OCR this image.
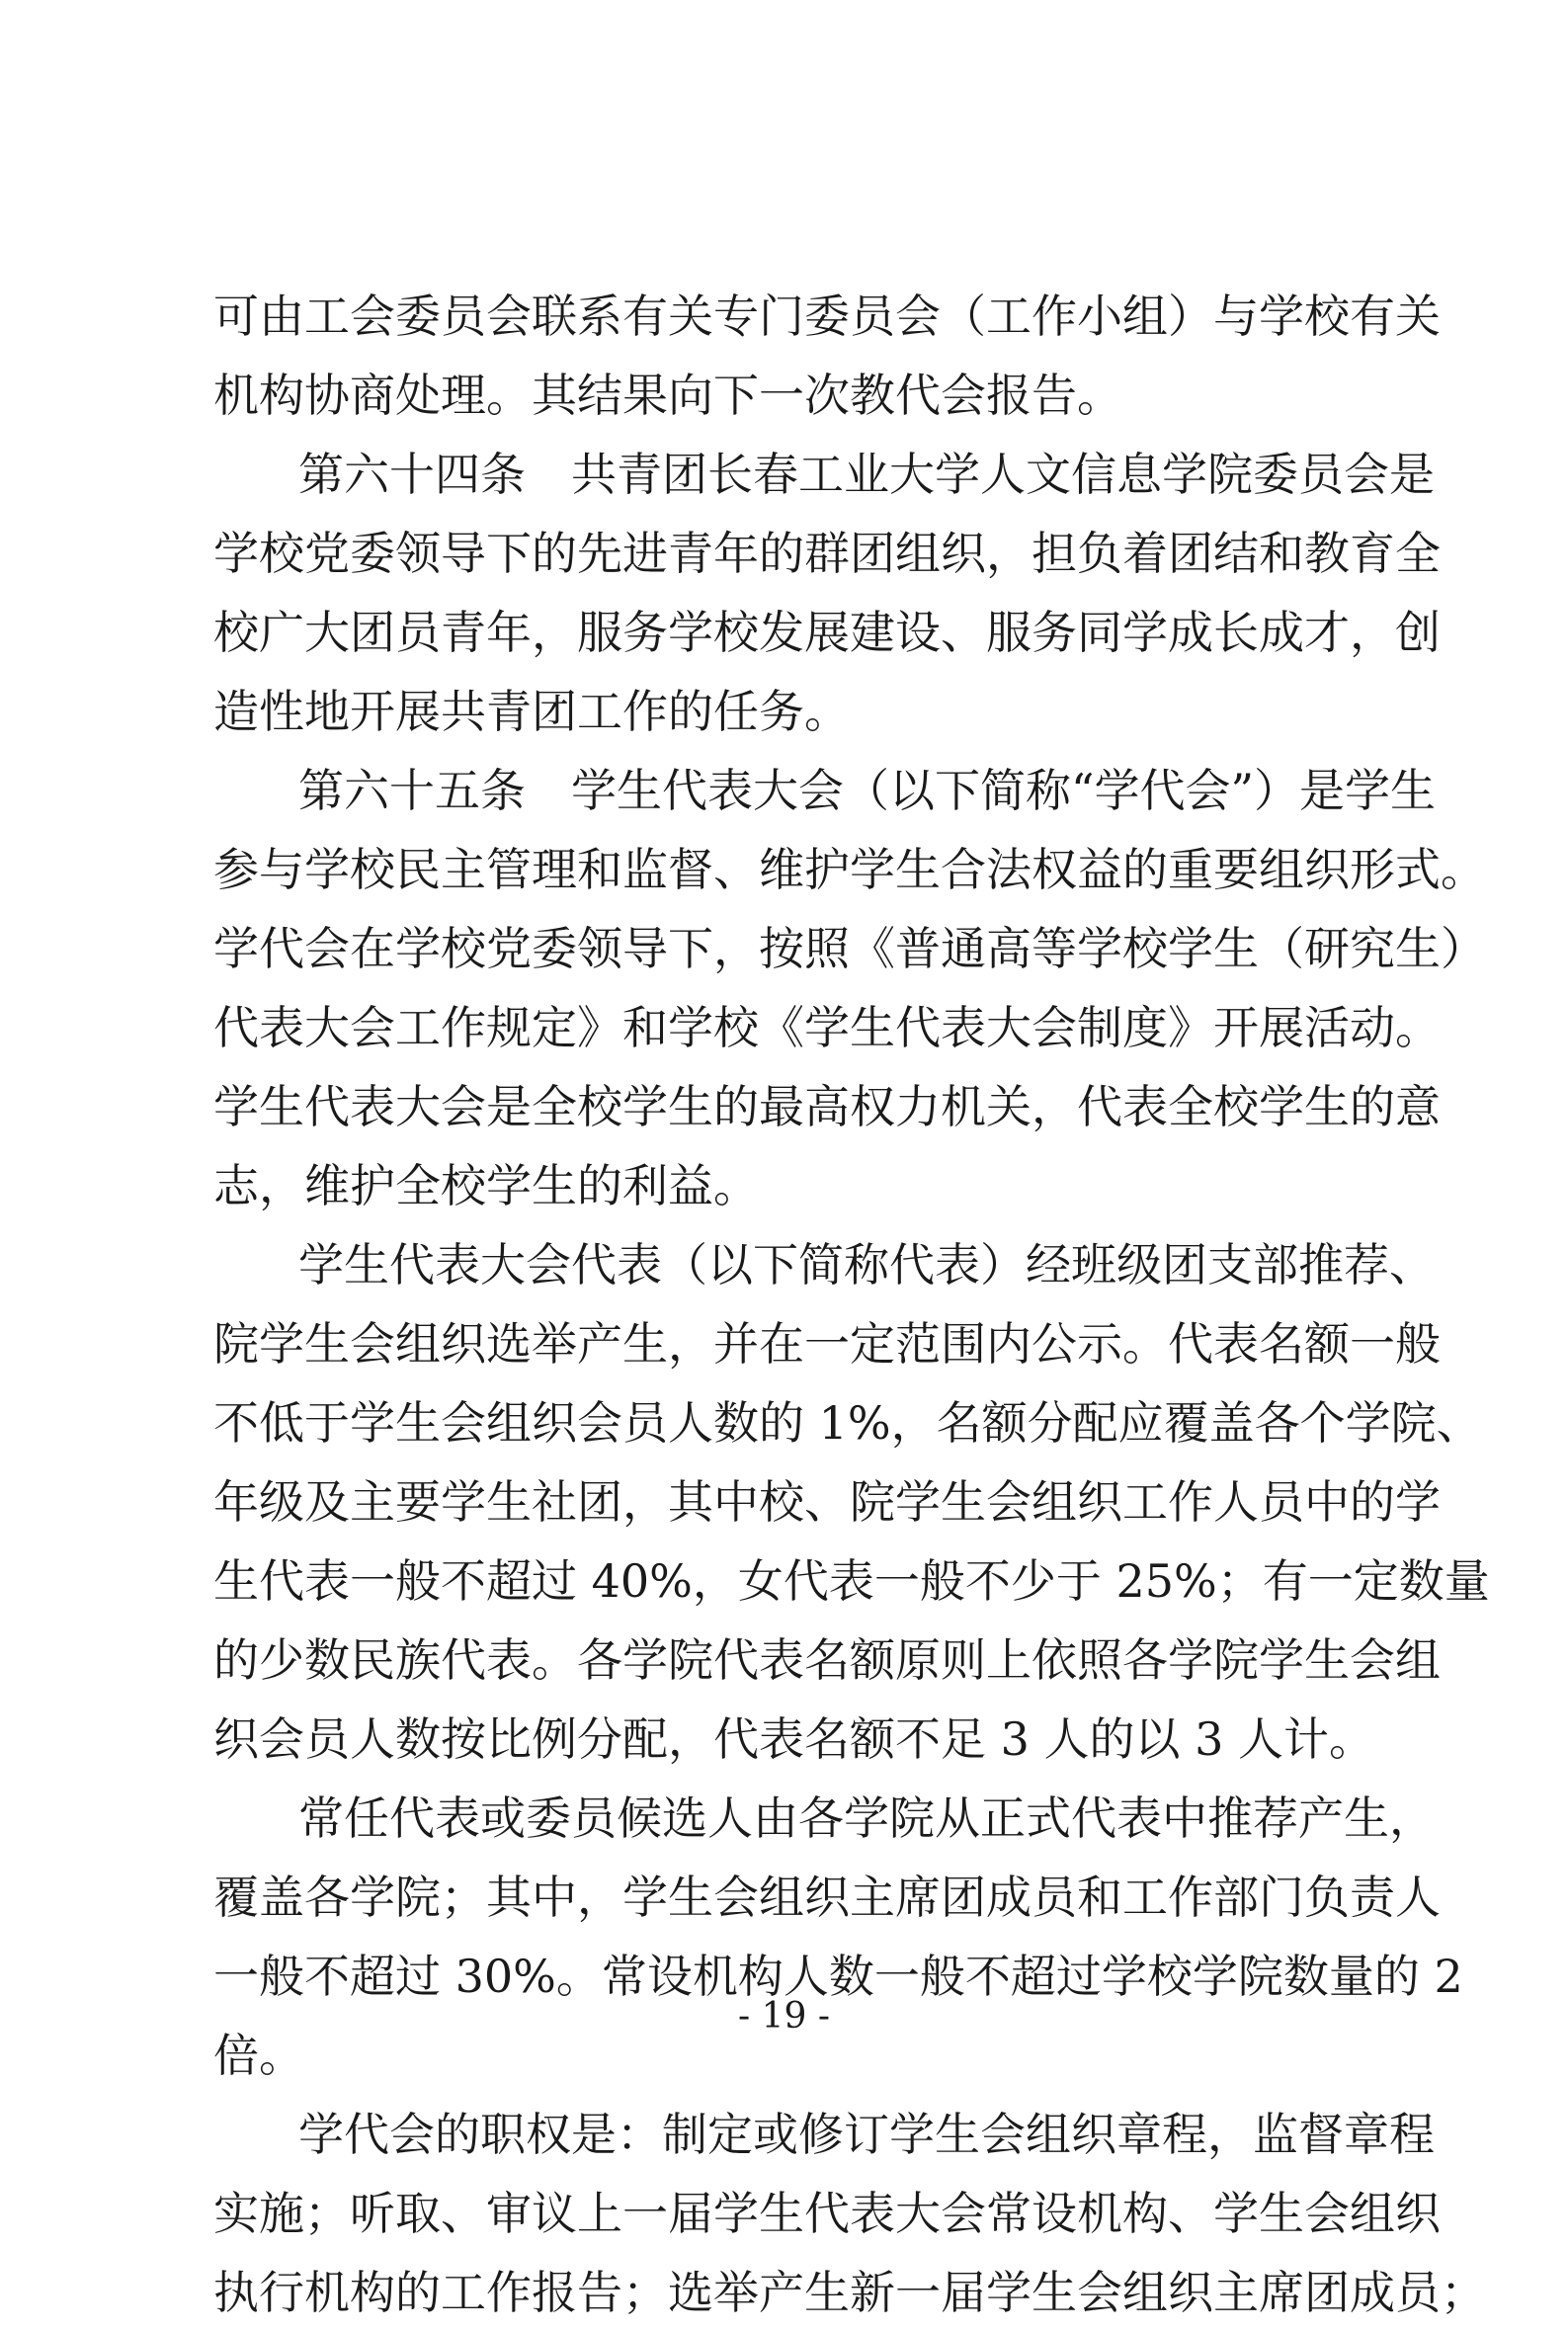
可由工会委员会联系有关专门委员会（工作小组）与学校有关
机构协商处理。其结果向下一次教代会报告。
第六十四条　共青团长春工业大学人文信息学院委员会是
学校党委领导下的先进青年的群团组织，担负着团结和教育全
校广大团员青年，服务学校发展建设、服务同学成长成才，创
造性地开展共青团工作的任务。
第六十五条　学生代表大会（以下简称“学代会”）是学生
参与学校民主管理和监督、维护学生合法权益的重要组织形式。
学代会在学校党委领导下，按照《普通高等学校学生（研究生）
代表大会工作规定》和学校《学生代表大会制度》开展活动。
学生代表大会是全校学生的最高权力机关，代表全校学生的意
志，维护全校学生的利益。
学生代表大会代表（以下简称代表）经班级团支部推荐、
院学生会组织选举产生，并在一定范围内公示。代表名额一般
不低于学生会组织会员人数的 1%，名额分配应覆盖各个学院、
年级及主要学生社团，其中校、院学生会组织工作人员中的学
生代表一般不超过 40%，女代表一般不少于 25%；有一定数量
的少数民族代表。各学院代表名额原则上依照各学院学生会组
织会员人数按比例分配，代表名额不足 3 人的以 3 人计。
常任代表或委员候选人由各学院从正式代表中推荐产生，
覆盖各学院；其中，学生会组织主席团成员和工作部门负责人
一般不超过 30%。常设机构人数一般不超过学校学院数量的 2
倍。
学代会的职权是：制定或修订学生会组织章程，监督章程
实施；听取、审议上一届学生代表大会常设机构、学生会组织
执行机构的工作报告；选举产生新一届学生会组织主席团成员；
- 19 -
